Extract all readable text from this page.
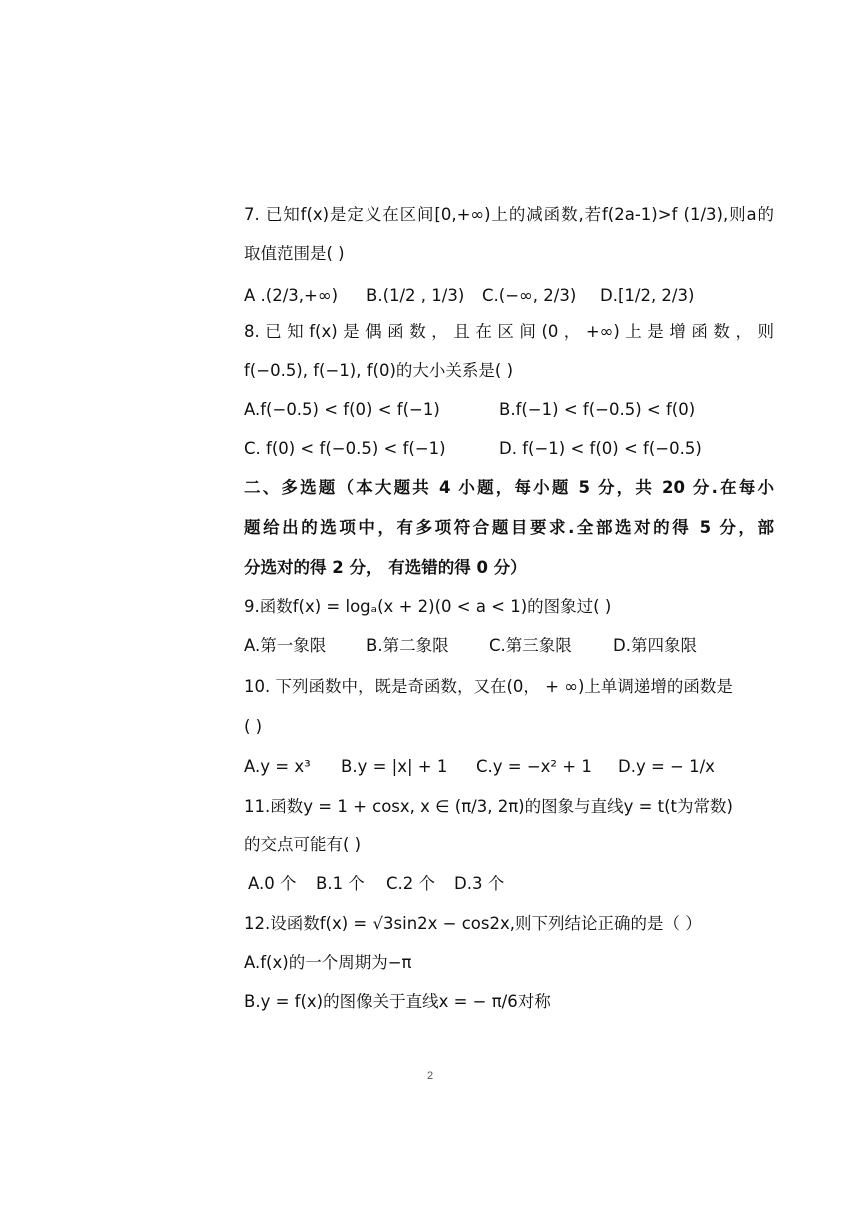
7. 已知f(x)是定义在区间[0,+∞)上的减函数,若f(2a-1)>f (1/3),则a的
取值范围是( )
A .(2/3,+∞)	B.(1/2 , 1/3)	C.(−∞, 2/3)	D.[1/2, 2/3)
8. 已 知 f(x) 是 偶 函 数 ， 且 在 区 间 (0 ， +∞) 上 是 增 函 数 ， 则
f(−0.5), f(−1), f(0)的大小关系是( )
A.f(−0.5) < f(0) < f(−1)	B.f(−1) < f(−0.5) < f(0)
C. f(0) < f(−0.5) < f(−1)	D. f(−1) < f(0) < f(−0.5)
二、多选题（本大题共 4 小题，每小题 5 分，共 20 分.在每小
题给出的选项中，有多项符合题目要求.全部选对的得 5 分，部
分选对的得 2 分， 有选错的得 0 分）
9.函数f(x) = logₐ(x + 2)(0 < a < 1)的图象过( )
A.第一象限	B.第二象限	C.第三象限	D.第四象限
10. 下列函数中，既是奇函数，又在(0， + ∞)上单调递增的函数是
( )
A.y = x³	B.y = |x| + 1	C.y = −x² + 1	D.y = − 1/x
11.函数y = 1 + cosx, x ∈ (π/3, 2π)的图象与直线y = t(t为常数)
的交点可能有( )
A.0 个	B.1 个	C.2 个	D.3 个
12.设函数f(x) = √3sin2x − cos2x,则下列结论正确的是（ ）
A.f(x)的一个周期为−π
B.y = f(x)的图像关于直线x = − π/6对称
2
